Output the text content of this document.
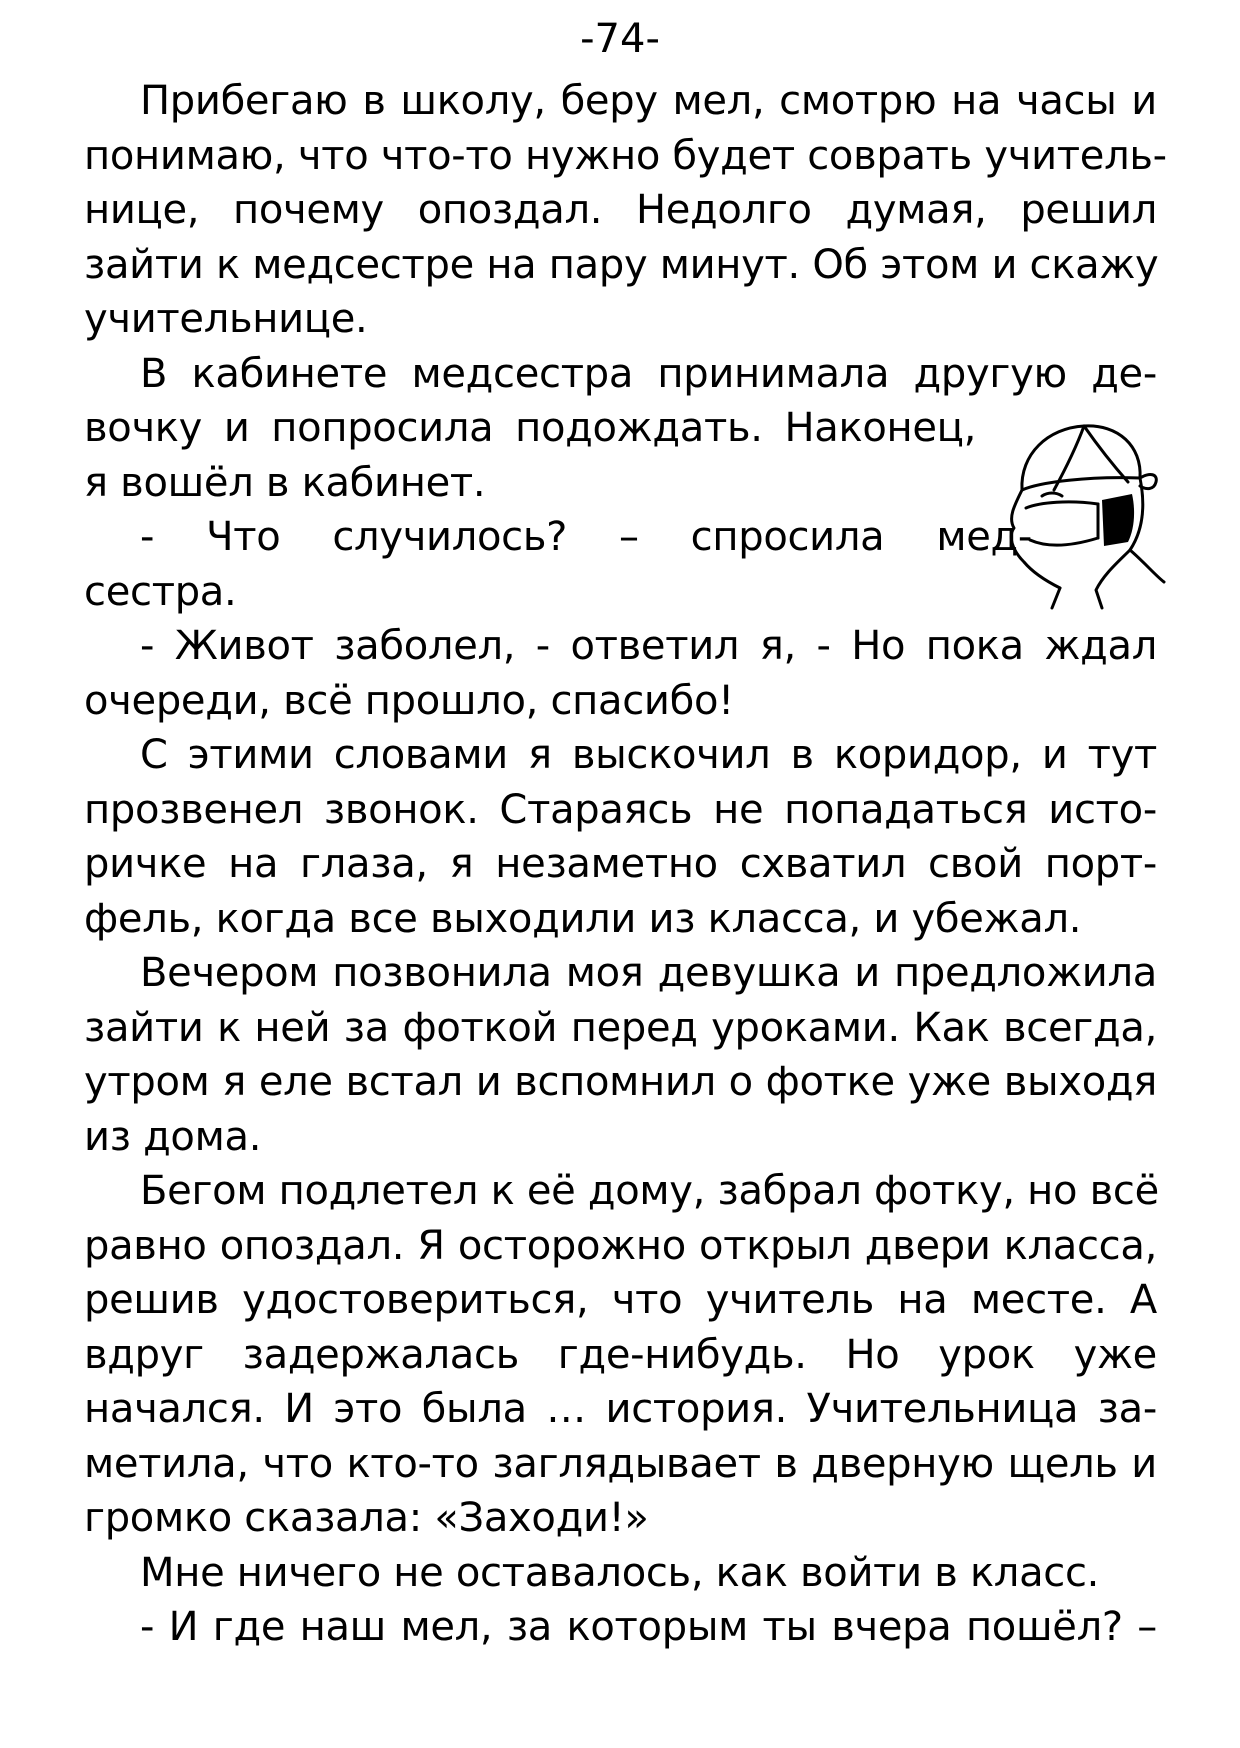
-74-
Прибегаю в школу, беру мел, смотрю на часы и
понимаю, что что-то нужно будет соврать учитель-
нице, почему опоздал. Недолго думая, решил
зайти к медсестре на пару минут. Об этом и скажу
учительнице.
В кабинете медсестра принимала другую де-
вочку и попросила подождать. Наконец,
я вошёл в кабинет.
- Что случилось? – спросила мед-
сестра.
- Живот заболел, - ответил я, - Но пока ждал
очереди, всё прошло, спасибо!
С этими словами я выскочил в коридор, и тут
прозвенел звонок. Стараясь не попадаться исто-
ричке на глаза, я незаметно схватил свой порт-
фель, когда все выходили из класса, и убежал.
Вечером позвонила моя девушка и предложила
зайти к ней за фоткой перед уроками. Как всегда,
утром я еле встал и вспомнил о фотке уже выходя
из дома.
Бегом подлетел к её дому, забрал фотку, но всё
равно опоздал. Я осторожно открыл двери класса,
решив удостовериться, что учитель на месте. А
вдруг задержалась где-нибудь. Но урок уже
начался. И это была … история. Учительница за-
метила, что кто-то заглядывает в дверную щель и
громко сказала: «Заходи!»
Мне ничего не оставалось, как войти в класс.
- И где наш мел, за которым ты вчера пошёл? –
